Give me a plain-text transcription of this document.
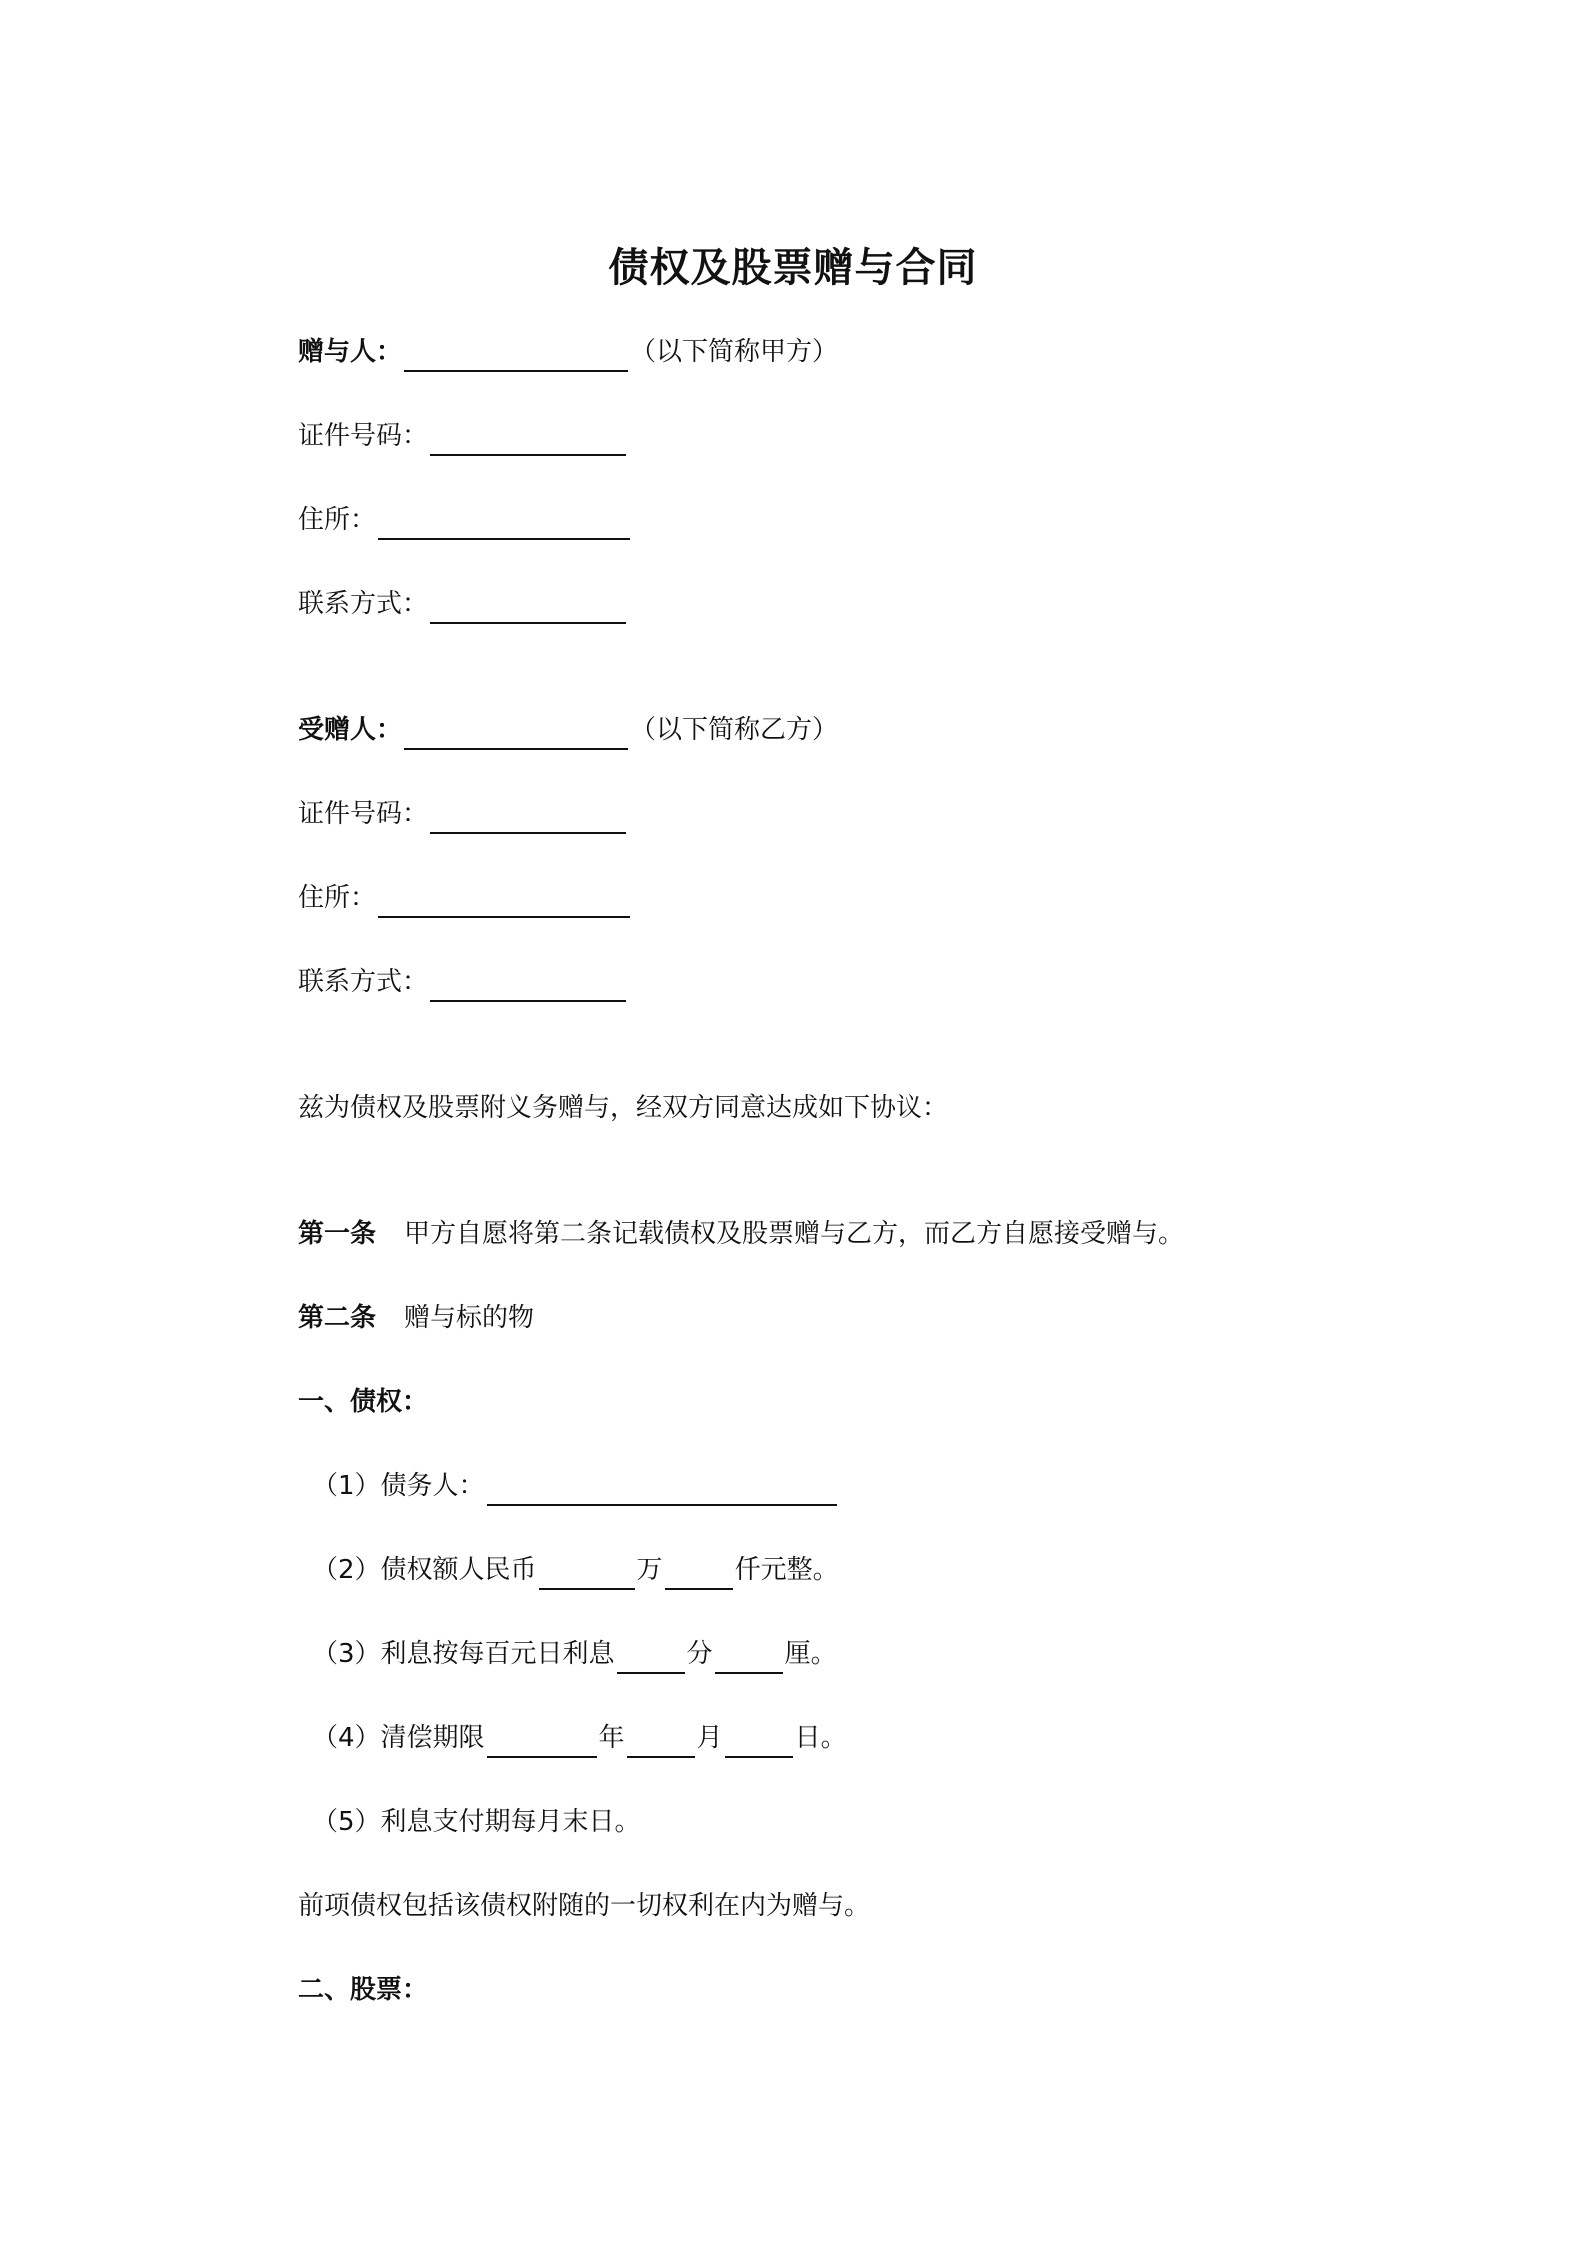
债权及股票赠与合同
赠与人：	（以下简称甲方）
证件号码：
住所：
联系方式：
受赠人：	（以下简称乙方）
证件号码：
住所：
联系方式：
兹为债权及股票附义务赠与，经双方同意达成如下协议：
第一条 甲方自愿将第二条记载债权及股票赠与乙方，而乙方自愿接受赠与。
第二条 赠与标的物
一、债权：
（1）债务人：
（2）债权额人民币	万	仟元整。
（3）利息按每百元日利息	分	厘。
（4）清偿期限	年	月	日。
（5）利息支付期每月末日。
前项债权包括该债权附随的一切权利在内为赠与。
二、股票：
